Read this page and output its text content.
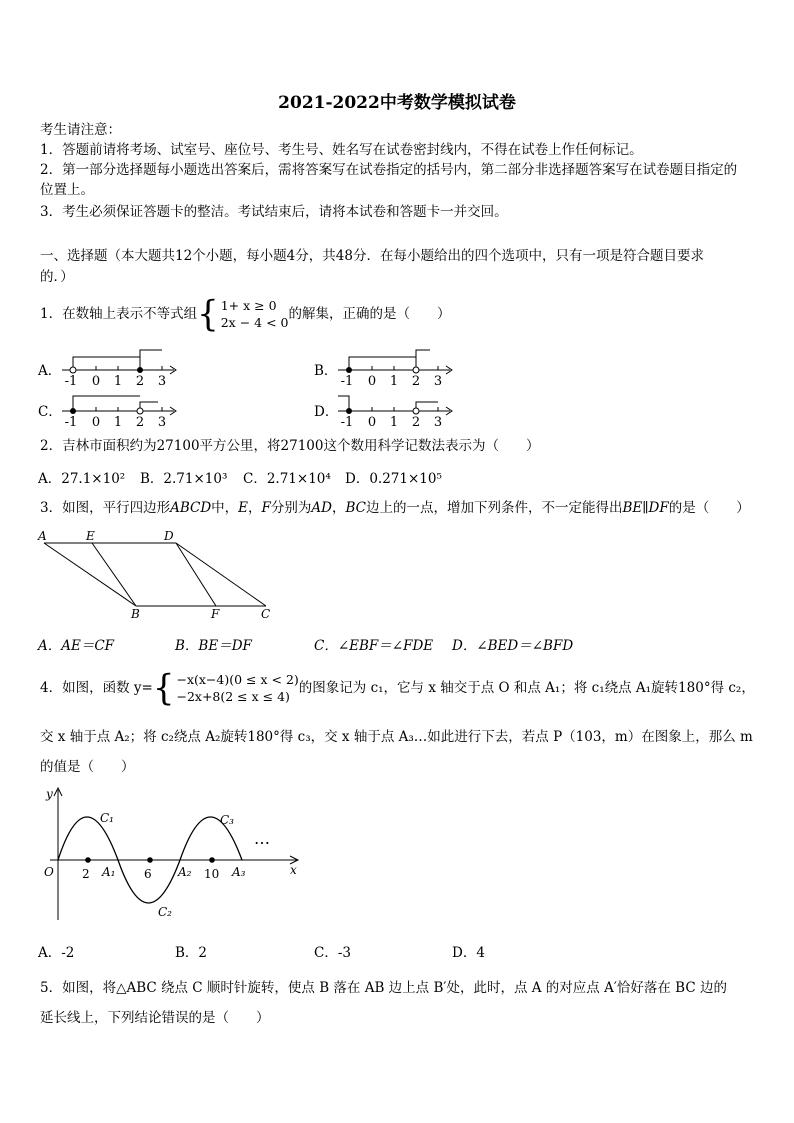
2021-2022中考数学模拟试卷
考生请注意：
1．答题前请将考场、试室号、座位号、考生号、姓名写在试卷密封线内，不得在试卷上作任何标记。
2．第一部分选择题每小题选出答案后，需将答案写在试卷指定的括号内，第二部分非选择题答案写在试卷题目指定的
位置上。
3．考生必须保证答题卡的整洁。考试结束后，请将本试卷和答题卡一并交回。
一、选择题（本大题共12个小题，每小题4分，共48分．在每小题给出的四个选项中，只有一项是符合题目要求
的．）
1．在数轴上表示不等式组 { 1+ x ≥ 0
2x − 4 < 0
的解集，正确的是（　　）
A．
-1 0 1 2 3
B．
-1 0 1 2 3
C．
-1 0 1 2 3
D．
-1 0 1 2 3
2．吉林市面积约为27100平方公里，将27100这个数用科学记数法表示为（　　）
A．27.1×10² B．2.71×10³ C．2.71×10⁴ D．0.271×10⁵
3．如图，平行四边形ABCD中，E，F分别为AD，BC边上的一点，增加下列条件，不一定能得出BE∥DF的是（　　）
A	E	D
B	F	C
A．AE＝CF	B．BE＝DF	C．∠EBF＝∠FDE D．∠BED＝∠BFD
4．如图，函数 y= { −x(x−4)(0 ≤ x < 2)
−2x+8(2 ≤ x ≤ 4)
的图象记为 c₁，它与 x 轴交于点 O 和点 A₁；将 c₁绕点 A₁旋转180°得 c₂，
交 x 轴于点 A₂；将 c₂绕点 A₂旋转180°得 c₃，交 x 轴于点 A₃…如此进行下去，若点 P（103，m）在图象上，那么 m
的值是（　　）
y
x
O 2 A₁ 6 A₂ 10 A₃
C₁
C₂
C₃
…
A．-2	B．2	C．-3	D．4
5．如图，将△ABC 绕点 C 顺时针旋转，使点 B 落在 AB 边上点 B′处，此时，点 A 的对应点 A′恰好落在 BC 边的
延长线上，下列结论错误的是（　　）
